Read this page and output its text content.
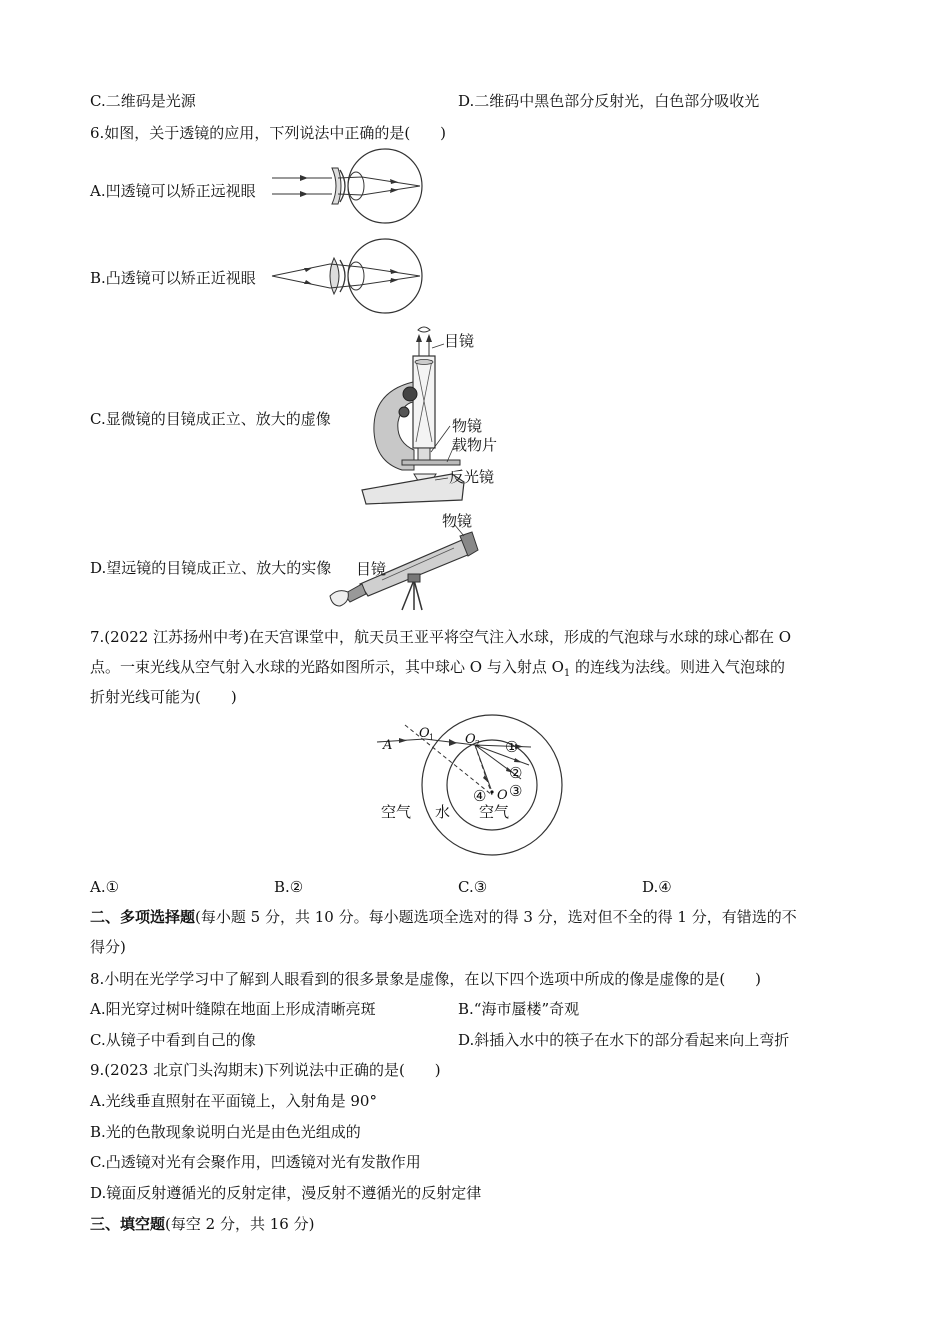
C.二维码是光源	D.二维码中黑色部分反射光，白色部分吸收光
6.如图，关于透镜的应用，下列说法中正确的是(　　)
A.凹透镜可以矫正远视眼
B.凸透镜可以矫正近视眼
C.显微镜的目镜成正立、放大的虚像
目镜
物镜
载物片
反光镜
D.望远镜的目镜成正立、放大的实像
物镜
目镜
7.(2022 江苏扬州中考)在天宫课堂中，航天员王亚平将空气注入水球，形成的气泡球与水球的球心都在 O
点。一束光线从空气射入水球的光路如图所示，其中球心 O 与入射点 $O_1$ 的连线为法线。则进入气泡球的
折射光线可能为(　　)
A
O 1 O 2
O
①
②
③
④
空气 水 空气
A.①	B.②	C.③	D.④
二、多项选择题(每小题 5 分，共 10 分。每小题选项全选对的得 3 分，选对但不全的得 1 分，有错选的不
得分)
8.小明在光学学习中了解到人眼看到的很多景象是虚像，在以下四个选项中所成的像是虚像的是(　　)
A.阳光穿过树叶缝隙在地面上形成清晰亮斑	B.“海市蜃楼”奇观
C.从镜子中看到自己的像	D.斜插入水中的筷子在水下的部分看起来向上弯折
9.(2023 北京门头沟期末)下列说法中正确的是(　　)
A.光线垂直照射在平面镜上，入射角是 90°
B.光的色散现象说明白光是由色光组成的
C.凸透镜对光有会聚作用，凹透镜对光有发散作用
D.镜面反射遵循光的反射定律，漫反射不遵循光的反射定律
三、填空题(每空 2 分，共 16 分)
